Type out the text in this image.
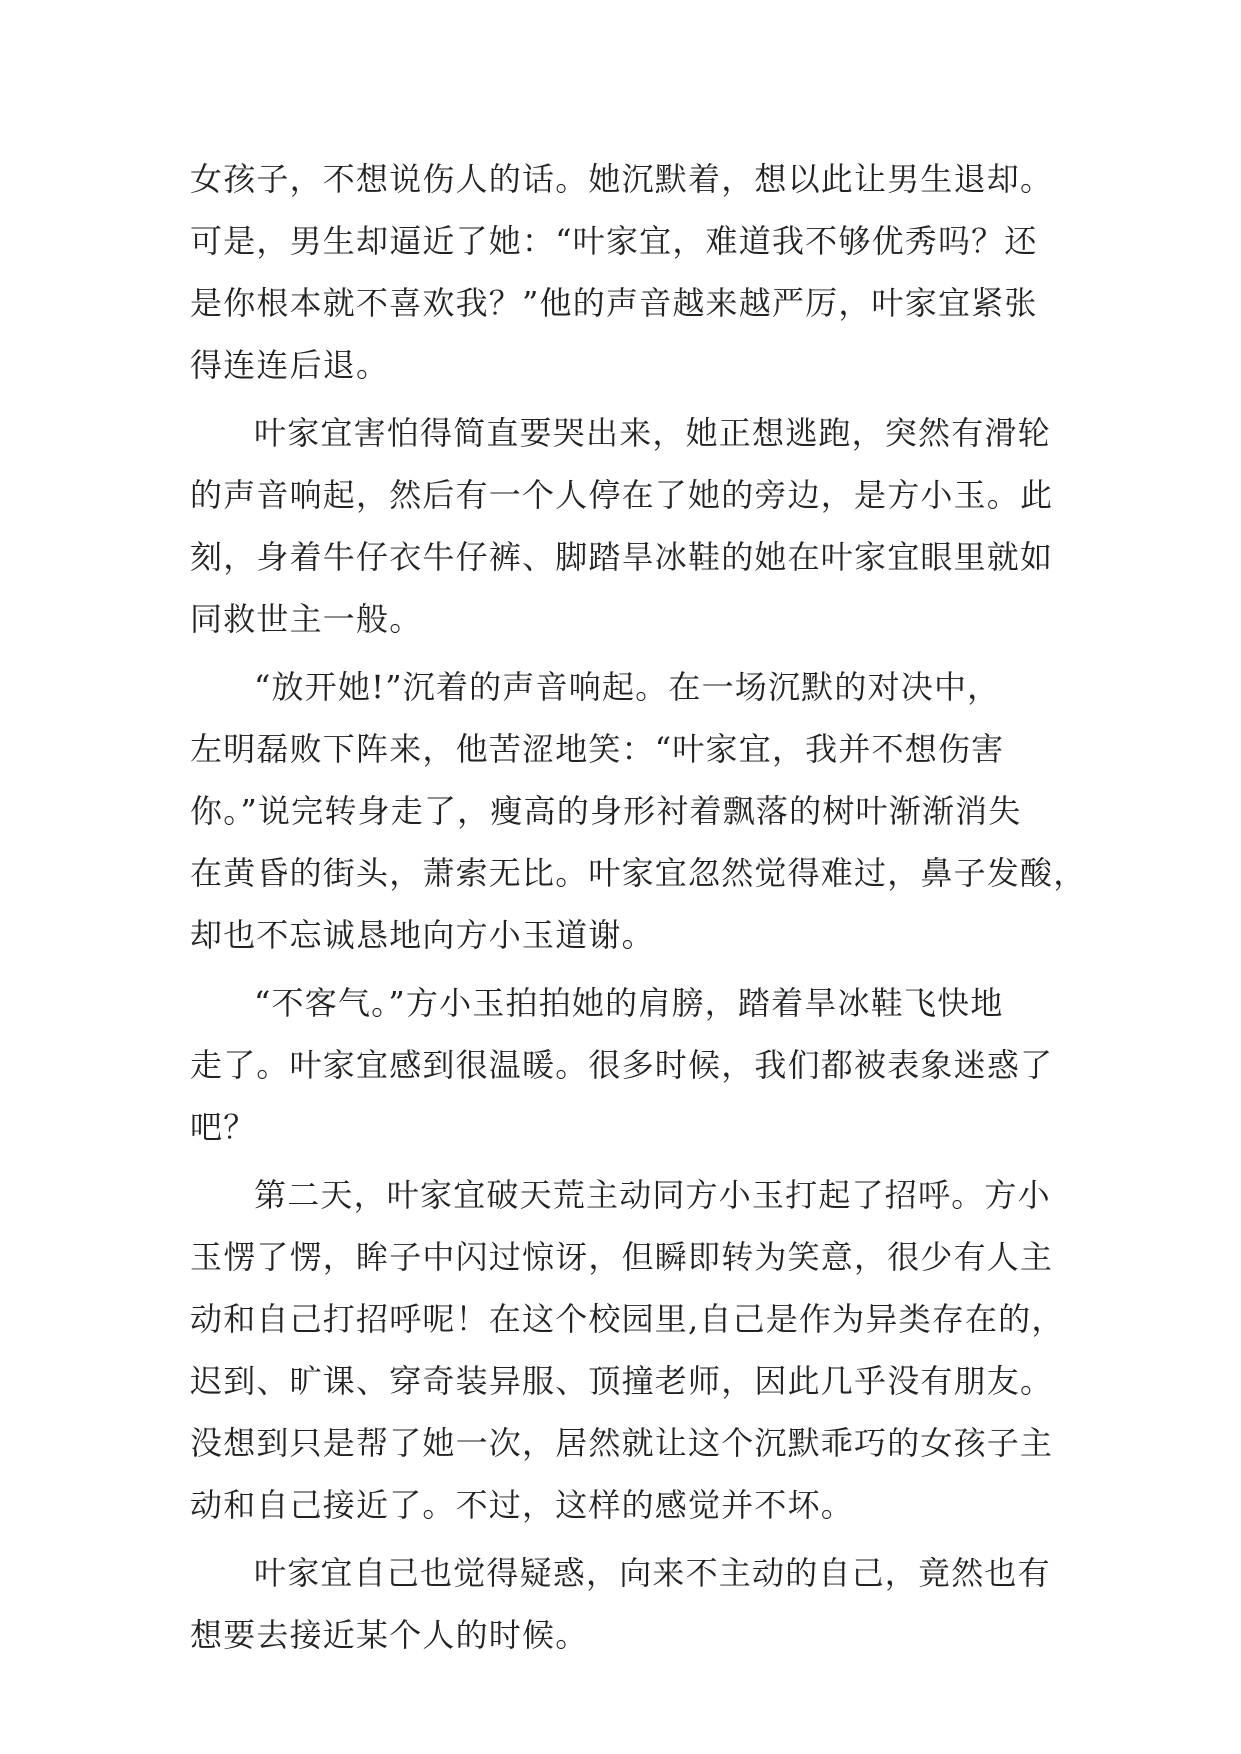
女孩子，不想说伤人的话。她沉默着，想以此让男生退却。
可是，男生却逼近了她：“叶家宜，难道我不够优秀吗？还
是你根本就不喜欢我？”他的声音越来越严厉，叶家宜紧张
得连连后退。
叶家宜害怕得简直要哭出来，她正想逃跑，突然有滑轮
的声音响起，然后有一个人停在了她的旁边，是方小玉。此
刻，身着牛仔衣牛仔裤、脚踏旱冰鞋的她在叶家宜眼里就如
同救世主一般。
“放开她!”沉着的声音响起。在一场沉默的对决中，
左明磊败下阵来，他苦涩地笑：“叶家宜，我并不想伤害
你。”说完转身走了，瘦高的身形衬着飘落的树叶渐渐消失
在黄昏的街头，萧索无比。叶家宜忽然觉得难过，鼻子发酸，
却也不忘诚恳地向方小玉道谢。
“不客气。”方小玉拍拍她的肩膀，踏着旱冰鞋飞快地
走了。叶家宜感到很温暖。很多时候，我们都被表象迷惑了
吧？
第二天，叶家宜破天荒主动同方小玉打起了招呼。方小
玉愣了愣，眸子中闪过惊讶，但瞬即转为笑意，很少有人主
动和自己打招呼呢！在这个校园里,自己是作为异类存在的，
迟到、旷课、穿奇装异服、顶撞老师，因此几乎没有朋友。
没想到只是帮了她一次，居然就让这个沉默乖巧的女孩子主
动和自己接近了。不过，这样的感觉并不坏。
叶家宜自己也觉得疑惑，向来不主动的自己，竟然也有
想要去接近某个人的时候。
